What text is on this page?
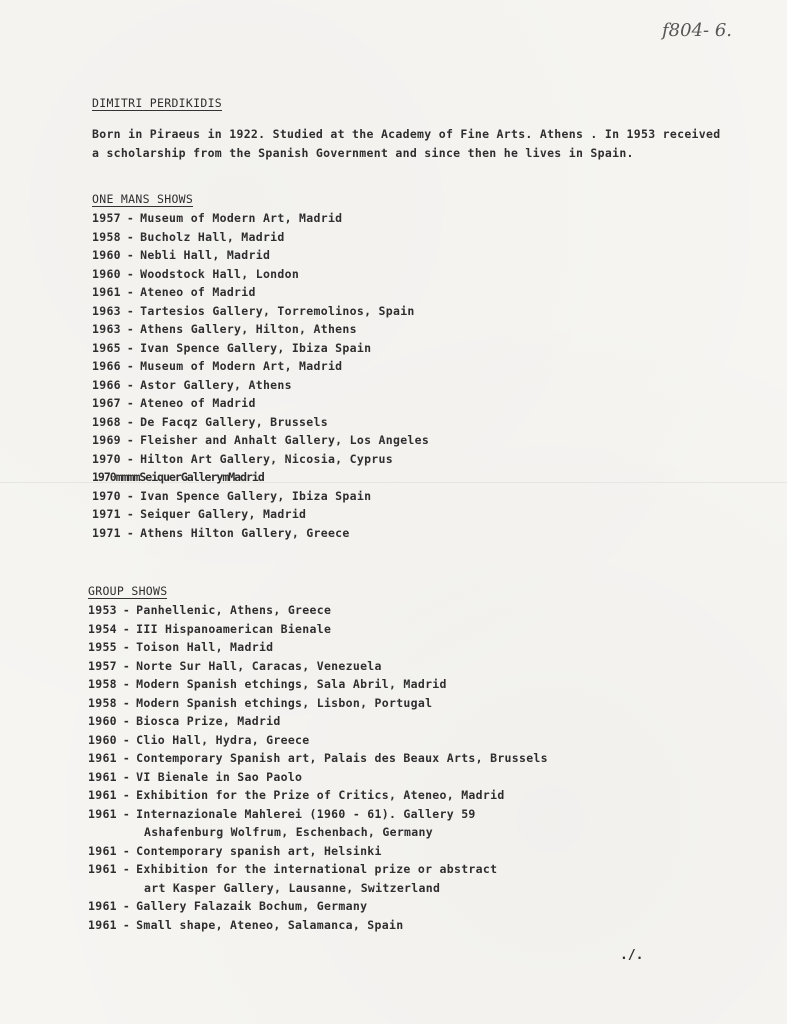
f804- 6.
DIMITRI PERDIKIDIS

Born in Piraeus in 1922. Studied at the Academy of Fine Arts. Athens . In 1953 received a scholarship from the Spanish Government and since then he lives in Spain.

ONE MANS SHOWS
1957 - Museum of Modern Art, Madrid
1958 - Bucholz Hall, Madrid
1960 - Nebli Hall, Madrid
1960 - Woodstock Hall, London
1961 - Ateneo of Madrid
1963 - Tartesios Gallery, Torremolinos, Spain
1963 - Athens Gallery, Hilton, Athens
1965 - Ivan Spence Gallery, Ibiza Spain
1966 - Museum of Modern Art, Madrid
1966 - Astor Gallery, Athens
1967 - Ateneo of Madrid
1968 - De Facqz Gallery, Brussels
1969 - Fleisher and Anhalt Gallery, Los Angeles
1970 - Hilton Art Gallery, Nicosia, Cyprus
1970mmmmSeiquerGallerymMadrid
1970 - Ivan Spence Gallery, Ibiza Spain
1971 - Seiquer Gallery, Madrid
1971 - Athens Hilton Gallery, Greece
GROUP SHOWS
1953 - Panhellenic, Athens, Greece
1954 - III Hispanoamerican Bienale
1955 - Toison Hall, Madrid
1957 - Norte Sur Hall, Caracas, Venezuela
1958 - Modern Spanish etchings, Sala Abril, Madrid
1958 - Modern Spanish etchings, Lisbon, Portugal
1960 - Biosca Prize, Madrid
1960 - Clio Hall, Hydra, Greece
1961 - Contemporary Spanish art, Palais des Beaux Arts, Brussels
1961 - VI Bienale in Sao Paolo
1961 - Exhibition for the Prize of Critics, Ateneo, Madrid
1961 - Internazionale Mahlerei (1960 - 61). Gallery 59
Ashafenburg Wolfrum, Eschenbach, Germany
1961 - Contemporary spanish art, Helsinki
1961 - Exhibition for the international prize or abstract
art Kasper Gallery, Lausanne, Switzerland
1961 - Gallery Falazaik Bochum, Germany
1961 - Small shape, Ateneo, Salamanca, Spain
./.
